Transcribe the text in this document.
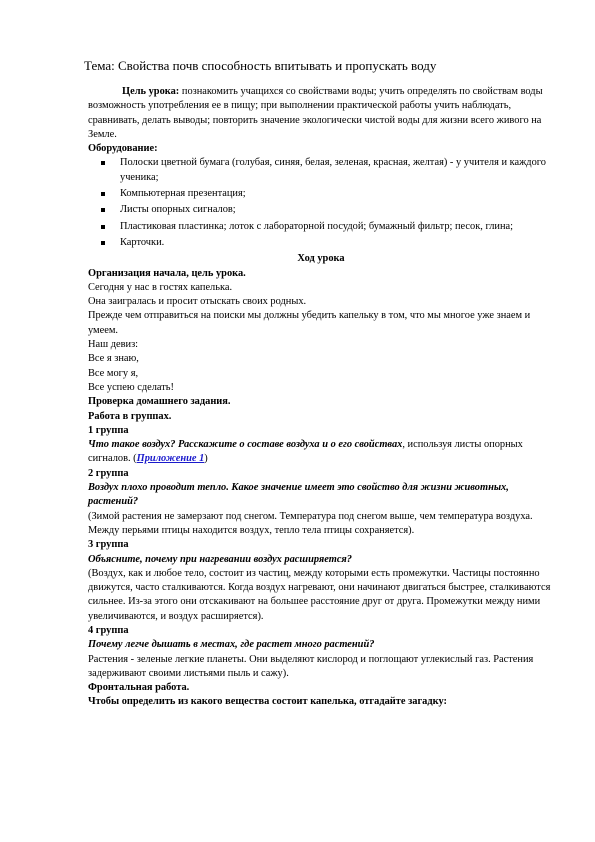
Тема: Свойства почв способность впитывать и пропускать воду

Цель урока: познакомить учащихся со свойствами воды; учить определять по свойствам воды возможность употребления ее в пищу; при выполнении практической работы учить наблюдать, сравнивать, делать выводы; повторить значение экологически чистой воды для жизни всего живого на Земле.

Оборудование:

Полоски цветной бумага (голубая, синяя, белая, зеленая, красная, желтая) - у учителя и каждого ученика;
Компьютерная презентация;
Листы опорных сигналов;
Пластиковая пластинка; лоток с лабораторной посудой; бумажный фильтр; песок, глина;
Карточки.

Ход урока

Организация начала, цель урока.

Сегодня у нас в гостях капелька.

Она заигралась и просит отыскать своих родных.

Прежде чем отправиться на поиски мы должны убедить капельку в том, что мы многое уже знаем и умеем.

Наш девиз:

Все я знаю,

Все могу я,

Все успею сделать!

Проверка домашнего задания.

Работа в группах.

1 группа

Что такое воздух? Расскажите о составе воздуха и о его свойствах, используя листы опорных сигналов. (Приложение 1)

2 группа

Воздух плохо проводит тепло. Какое значение имеет это свойство для жизни животных, растений?

(Зимой растения не замерзают под снегом. Температура под снегом выше, чем температура воздуха. Между перьями птицы находится воздух, тепло тела птицы сохраняется).

3 группа

Объясните, почему при нагревании воздух расширяется?

(Воздух, как и любое тело, состоит из частиц, между которыми есть промежутки. Частицы постоянно движутся, часто сталкиваются. Когда воздух нагревают, они начинают двигаться быстрее, сталкиваются сильнее. Из-за этого они отскакивают на большее расстояние друг от друга. Промежутки между ними увеличиваются, и воздух расширяется).

4 группа

Почему легче дышать в местах, где растет много растений?

Растения - зеленые легкие планеты. Они выделяют кислород и поглощают углекислый газ. Растения задерживают своими листьями пыль и сажу).

Фронтальная работа.

Чтобы определить из какого вещества состоит капелька, отгадайте загадку:
